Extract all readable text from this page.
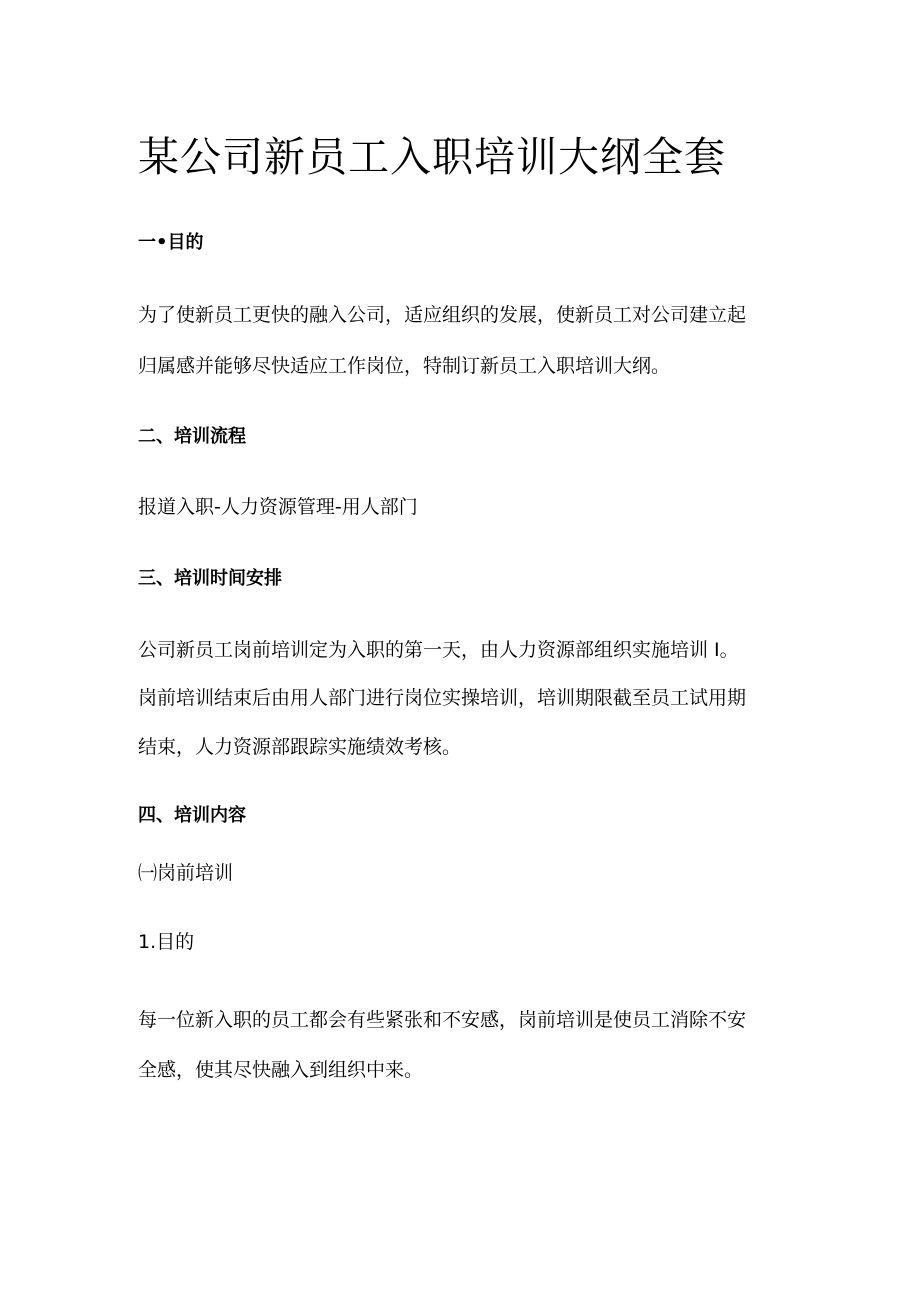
某公司新员工入职培训大纲全套
一•目的
为了使新员工更快的融入公司，适应组织的发展，使新员工对公司建立起
归属感并能够尽快适应工作岗位，特制订新员工入职培训大纲。
二、培训流程
报道入职-人力资源管理-用人部门
三、培训时间安排
公司新员工岗前培训定为入职的第一天，由人力资源部组织实施培训 I。
岗前培训结束后由用人部门进行岗位实操培训，培训期限截至员工试用期
结束，人力资源部跟踪实施绩效考核。
四、培训内容
㈠岗前培训
1.目的
每一位新入职的员工都会有些紧张和不安感，岗前培训是使员工消除不安
全感，使其尽快融入到组织中来。
